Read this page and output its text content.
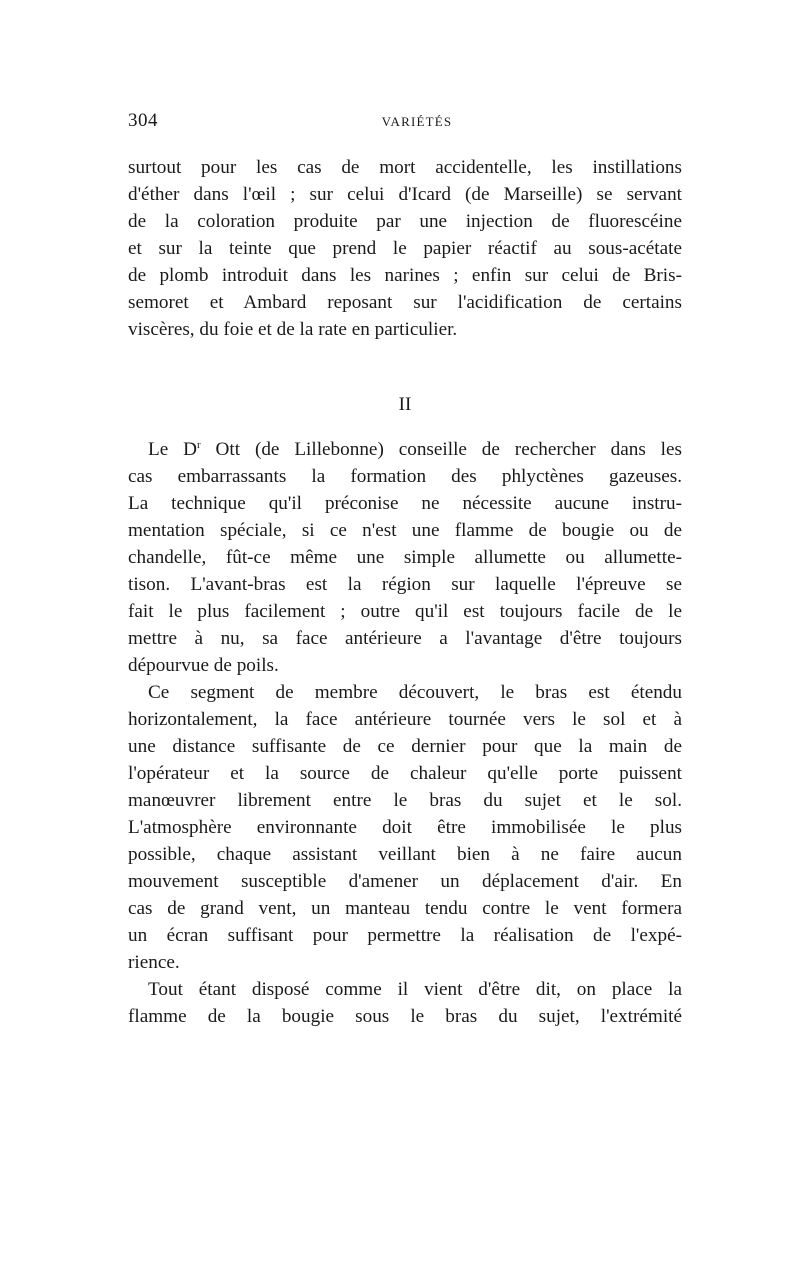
304	VARIÉTÉS
surtout pour les cas de mort accidentelle, les instillations
d'éther dans l'œil ; sur celui d'Icard (de Marseille) se servant
de la coloration produite par une injection de fluorescéine
et sur la teinte que prend le papier réactif au sous-acétate
de plomb introduit dans les narines ; enfin sur celui de Bris-
semoret et Ambard reposant sur l'acidification de certains
viscères, du foie et de la rate en particulier.
II
Le $D^r$ Ott (de Lillebonne) conseille de rechercher dans les
cas embarrassants la formation des phlyctènes gazeuses.
La technique qu'il préconise ne nécessite aucune instru-
mentation spéciale, si ce n'est une flamme de bougie ou de
chandelle, fût-ce même une simple allumette ou allumette-
tison. L'avant-bras est la région sur laquelle l'épreuve se
fait le plus facilement ; outre qu'il est toujours facile de le
mettre à nu, sa face antérieure a l'avantage d'être toujours
dépourvue de poils.
Ce segment de membre découvert, le bras est étendu
horizontalement, la face antérieure tournée vers le sol et à
une distance suffisante de ce dernier pour que la main de
l'opérateur et la source de chaleur qu'elle porte puissent
manœuvrer librement entre le bras du sujet et le sol.
L'atmosphère environnante doit être immobilisée le plus
possible, chaque assistant veillant bien à ne faire aucun
mouvement susceptible d'amener un déplacement d'air. En
cas de grand vent, un manteau tendu contre le vent formera
un écran suffisant pour permettre la réalisation de l'expé-
rience.
Tout étant disposé comme il vient d'être dit, on place la
flamme de la bougie sous le bras du sujet, l'extrémité
